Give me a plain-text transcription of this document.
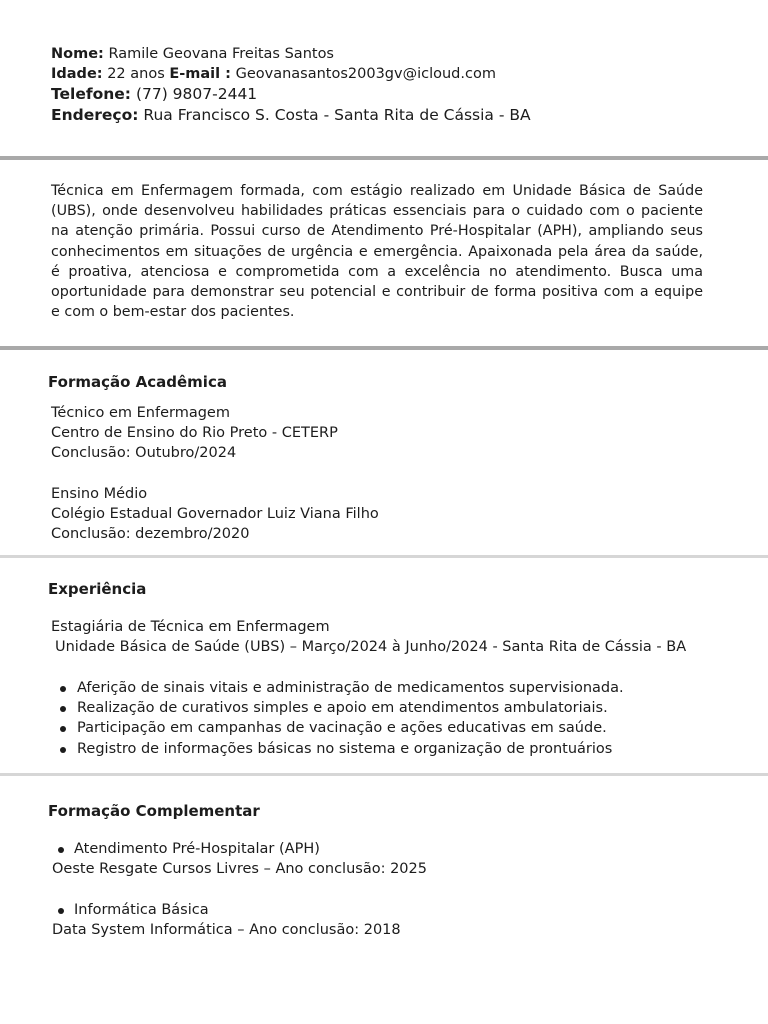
Nome: Ramile Geovana Freitas Santos
Idade: 22 anos E-mail : Geovanasantos2003gv@icloud.com
Telefone: (77) 9807-2441
Endereço: Rua Francisco S. Costa - Santa Rita de Cássia - BA
Técnica em Enfermagem formada, com estágio realizado em Unidade Básica de Saúde (UBS), onde desenvolveu habilidades práticas essenciais para o cuidado com o paciente na atenção primária. Possui curso de Atendimento Pré-Hospitalar (APH), ampliando seus conhecimentos em situações de urgência e emergência. Apaixonada pela área da saúde, é proativa, atenciosa e comprometida com a excelência no atendimento. Busca uma oportunidade para demonstrar seu potencial e contribuir de forma positiva com a equipe e com o bem-estar dos pacientes.
Formação Acadêmica
Técnico em Enfermagem
Centro de Ensino do Rio Preto - CETERP
Conclusão: Outubro/2024
Ensino Médio
Colégio Estadual Governador Luiz Viana Filho
Conclusão: dezembro/2020
Experiência
Estagiária de Técnica em Enfermagem
Unidade Básica de Saúde (UBS) – Março/2024 à Junho/2024 - Santa Rita de Cássia - BA
Aferição de sinais vitais e administração de medicamentos supervisionada.
Realização de curativos simples e apoio em atendimentos ambulatoriais.
Participação em campanhas de vacinação e ações educativas em saúde.
Registro de informações básicas no sistema e organização de prontuários
Formação Complementar
Atendimento Pré-Hospitalar (APH)
Oeste Resgate Cursos Livres – Ano conclusão: 2025
Informática Básica
Data System Informática – Ano conclusão: 2018
